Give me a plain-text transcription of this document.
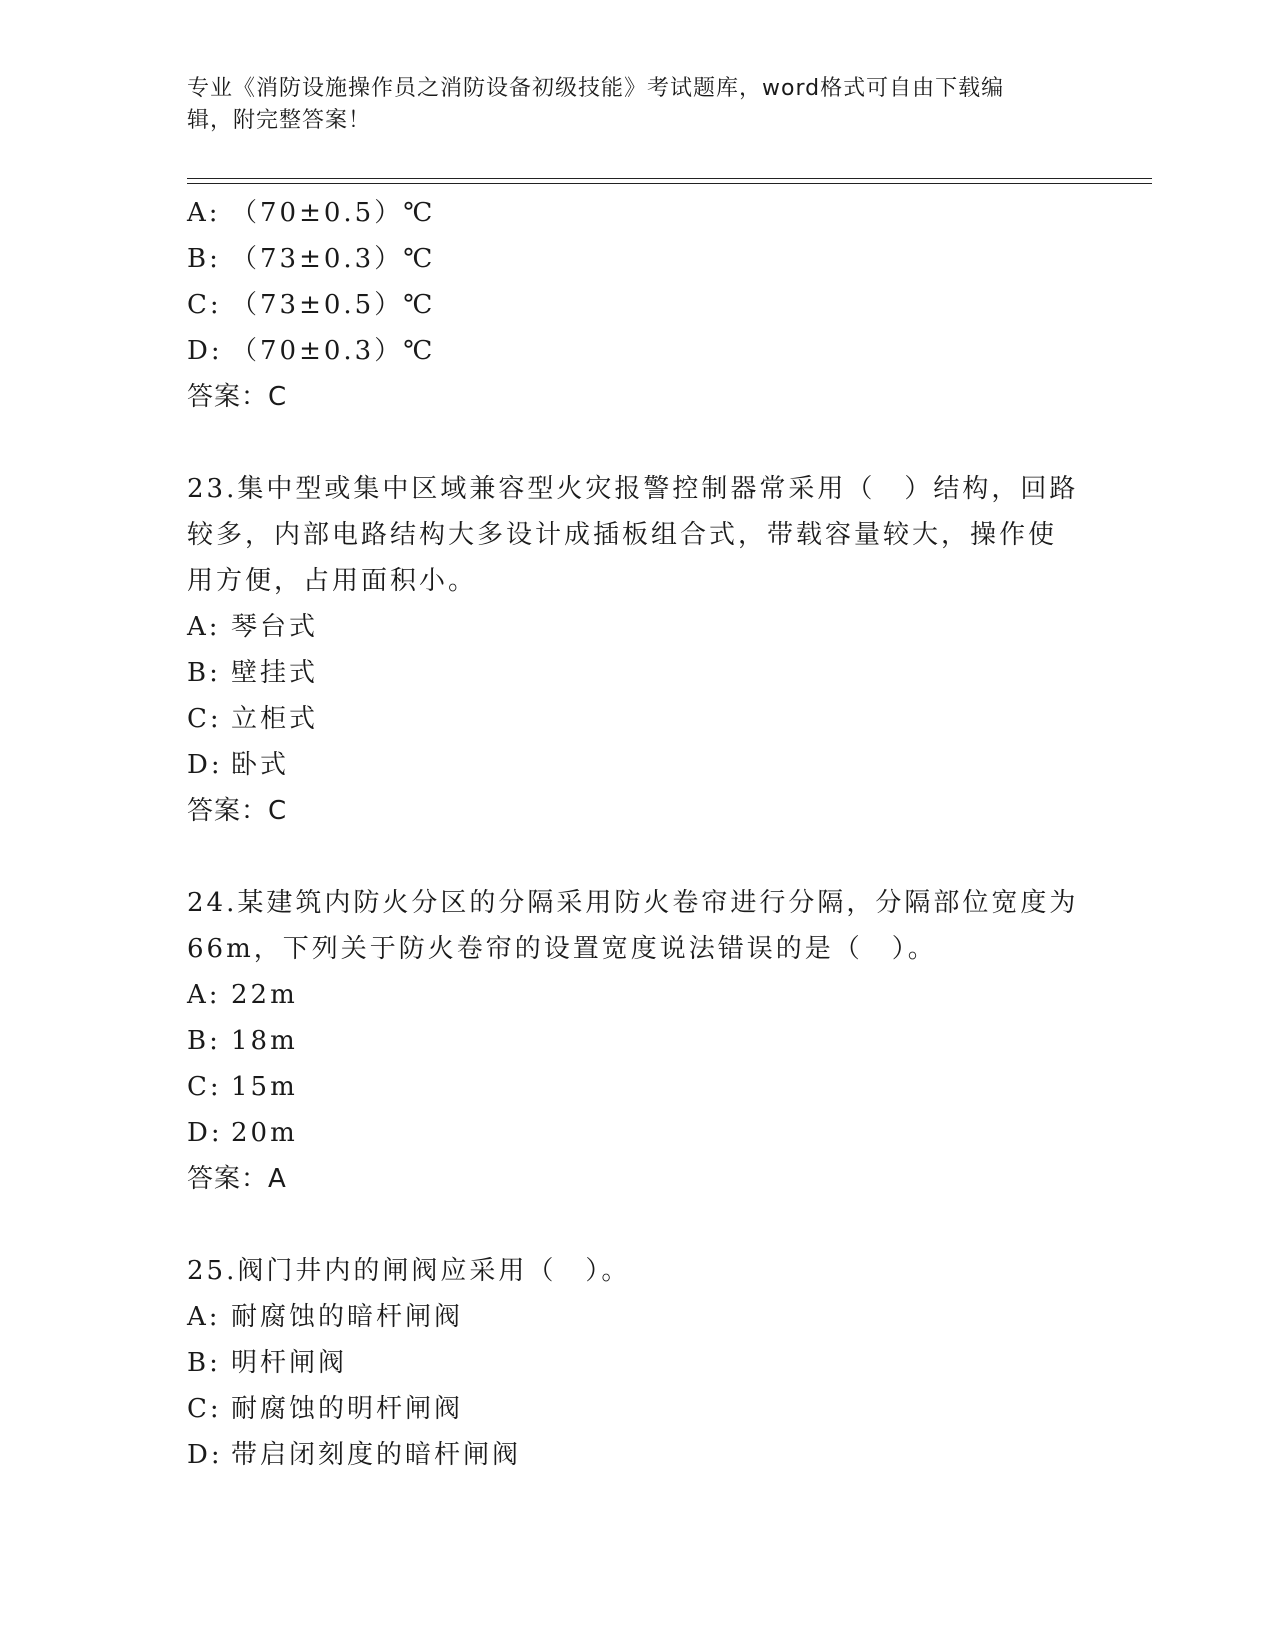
专业《消防设施操作员之消防设备初级技能》考试题库，word格式可自由下载编
辑，附完整答案！
A: （70±0.5）℃
B: （73±0.3）℃
C: （73±0.5）℃
D: （70±0.3）℃
答案：C
23.集中型或集中区域兼容型火灾报警控制器常采用（　）结构，回路
较多，内部电路结构大多设计成插板组合式，带载容量较大，操作使
用方便，占用面积小。
A: 琴台式
B: 壁挂式
C: 立柜式
D: 卧式
答案：C
24.某建筑内防火分区的分隔采用防火卷帘进行分隔，分隔部位宽度为
66m，下列关于防火卷帘的设置宽度说法错误的是（　）。
A: 22m
B: 18m
C: 15m
D: 20m
答案：A
25.阀门井内的闸阀应采用（　）。
A: 耐腐蚀的暗杆闸阀
B: 明杆闸阀
C: 耐腐蚀的明杆闸阀
D: 带启闭刻度的暗杆闸阀
